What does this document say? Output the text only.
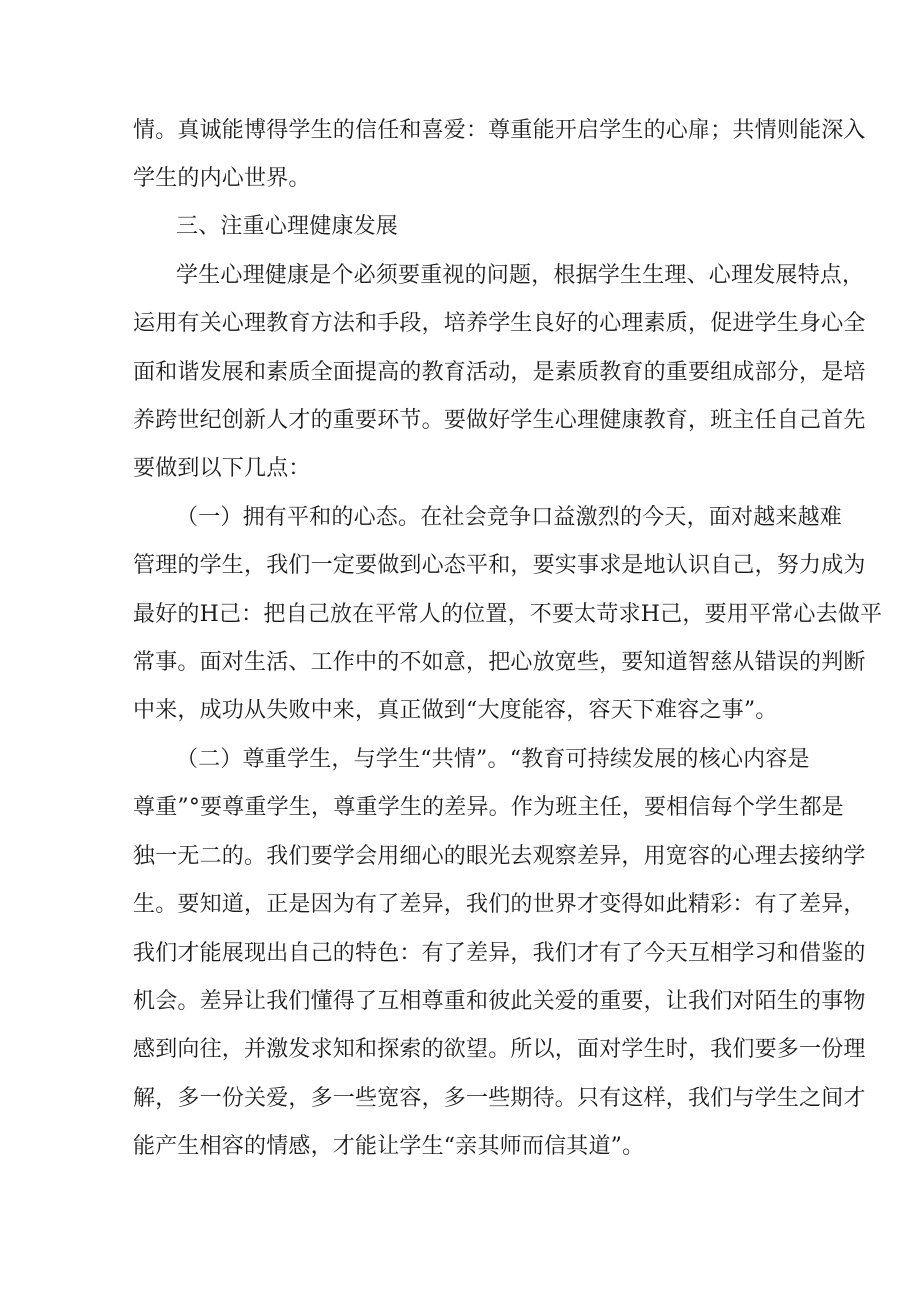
情。真诚能博得学生的信任和喜爱：尊重能开启学生的心扉；共情则能深入
学生的内心世界。
三、注重心理健康发展
学生心理健康是个必须要重视的问题，根据学生生理、心理发展特点，
运用有关心理教育方法和手段，培养学生良好的心理素质，促进学生身心全
面和谐发展和素质全面提高的教育活动，是素质教育的重要组成部分，是培
养跨世纪创新人才的重要环节。要做好学生心理健康教育，班主任自己首先
要做到以下几点：
（一）拥有平和的心态。在社会竞争口益激烈的今天，面对越来越难
管理的学生，我们一定要做到心态平和，要实事求是地认识自己，努力成为
最好的H己：把自己放在平常人的位置，不要太苛求H己，要用平常心去做平
常事。面对生活、工作中的不如意，把心放宽些，要知道智慈从错误的判断
中来，成功从失败中来，真正做到“大度能容，容天下难容之事”。
（二）尊重学生，与学生“共情”。“教育可持续发展的核心内容是
尊重”°要尊重学生，尊重学生的差异。作为班主任，要相信每个学生都是
独一无二的。我们要学会用细心的眼光去观察差异，用宽容的心理去接纳学
生。要知道，正是因为有了差异，我们的世界才变得如此精彩：有了差异，
我们才能展现出自己的特色：有了差异，我们才有了今天互相学习和借鉴的
机会。差异让我们懂得了互相尊重和彼此关爱的重要，让我们对陌生的事物
感到向往，并激发求知和探索的欲望。所以，面对学生时，我们要多一份理
解，多一份关爱，多一些宽容，多一些期待。只有这样，我们与学生之间才
能产生相容的情感，才能让学生“亲其师而信其道”。
